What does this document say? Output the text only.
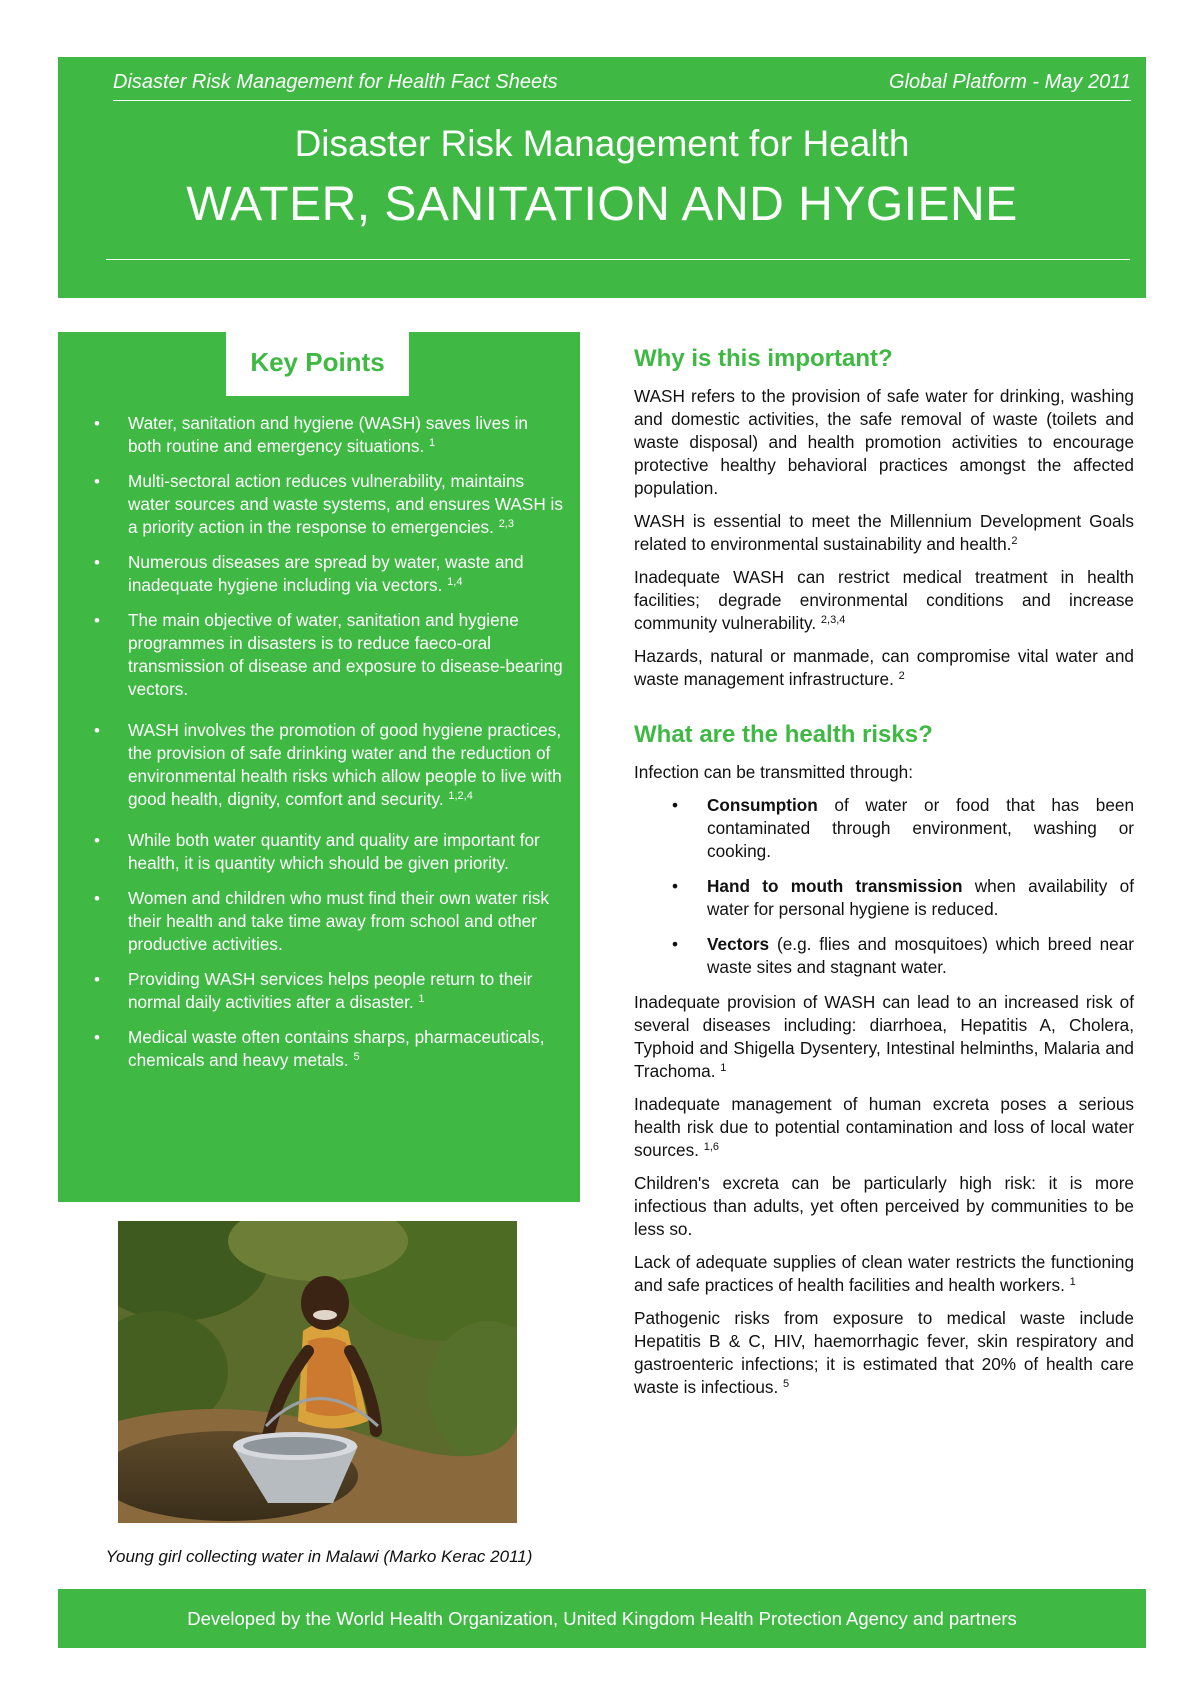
Disaster Risk Management for Health Fact Sheets	Global Platform - May 2011
Disaster Risk Management for Health
WATER, SANITATION AND HYGIENE
Key Points
• Water, sanitation and hygiene (WASH) saves lives in both routine and emergency situations. $^1$
• Multi-sectoral action reduces vulnerability, maintains water sources and waste systems, and ensures WASH is a priority action in the response to emergencies. $^{2,3}$
• Numerous diseases are spread by water, waste and inadequate hygiene including via vectors. $^{1,4}$
• The main objective of water, sanitation and hygiene programmes in disasters is to reduce faeco-oral transmission of disease and exposure to disease-bearing vectors.
• WASH involves the promotion of good hygiene practices, the provision of safe drinking water and the reduction of environmental health risks which allow people to live with good health, dignity, comfort and security. $^{1,2,4}$
• While both water quantity and quality are important for health, it is quantity which should be given priority.
• Women and children who must find their own water risk their health and take time away from school and other productive activities.
• Providing WASH services helps people return to their normal daily activities after a disaster. $^1$
• Medical waste often contains sharps, pharmaceuticals, chemicals and heavy metals. $^5$
Young girl collecting water in Malawi (Marko Kerac 2011)
Why is this important?

WASH refers to the provision of safe water for drinking, washing and domestic activities, the safe removal of waste (toilets and waste disposal) and health promotion activities to encourage protective healthy behavioral practices amongst the affected population.

WASH is essential to meet the Millennium Development Goals related to environmental sustainability and health.$^2$

Inadequate WASH can restrict medical treatment in health facilities; degrade environmental conditions and increase community vulnerability. $^{2,3,4}$

Hazards, natural or manmade, can compromise vital water and waste management infrastructure. $^2$

What are the health risks?

Infection can be transmitted through:

• Consumption of water or food that has been contaminated through environment, washing or cooking.
• Hand to mouth transmission when availability of water for personal hygiene is reduced.
• Vectors (e.g. flies and mosquitoes) which breed near waste sites and stagnant water.

Inadequate provision of WASH can lead to an increased risk of several diseases including: diarrhoea, Hepatitis A, Cholera, Typhoid and Shigella Dysentery, Intestinal helminths, Malaria and Trachoma. $^1$

Inadequate management of human excreta poses a serious health risk due to potential contamination and loss of local water sources. $^{1,6}$

Children's excreta can be particularly high risk: it is more infectious than adults, yet often perceived by communities to be less so.

Lack of adequate supplies of clean water restricts the functioning and safe practices of health facilities and health workers. $^1$

Pathogenic risks from exposure to medical waste include Hepatitis B & C, HIV, haemorrhagic fever, skin respiratory and gastroenteric infections; it is estimated that 20% of health care waste is infectious. $^5$

Developed by the World Health Organization, United Kingdom Health Protection Agency and partners
